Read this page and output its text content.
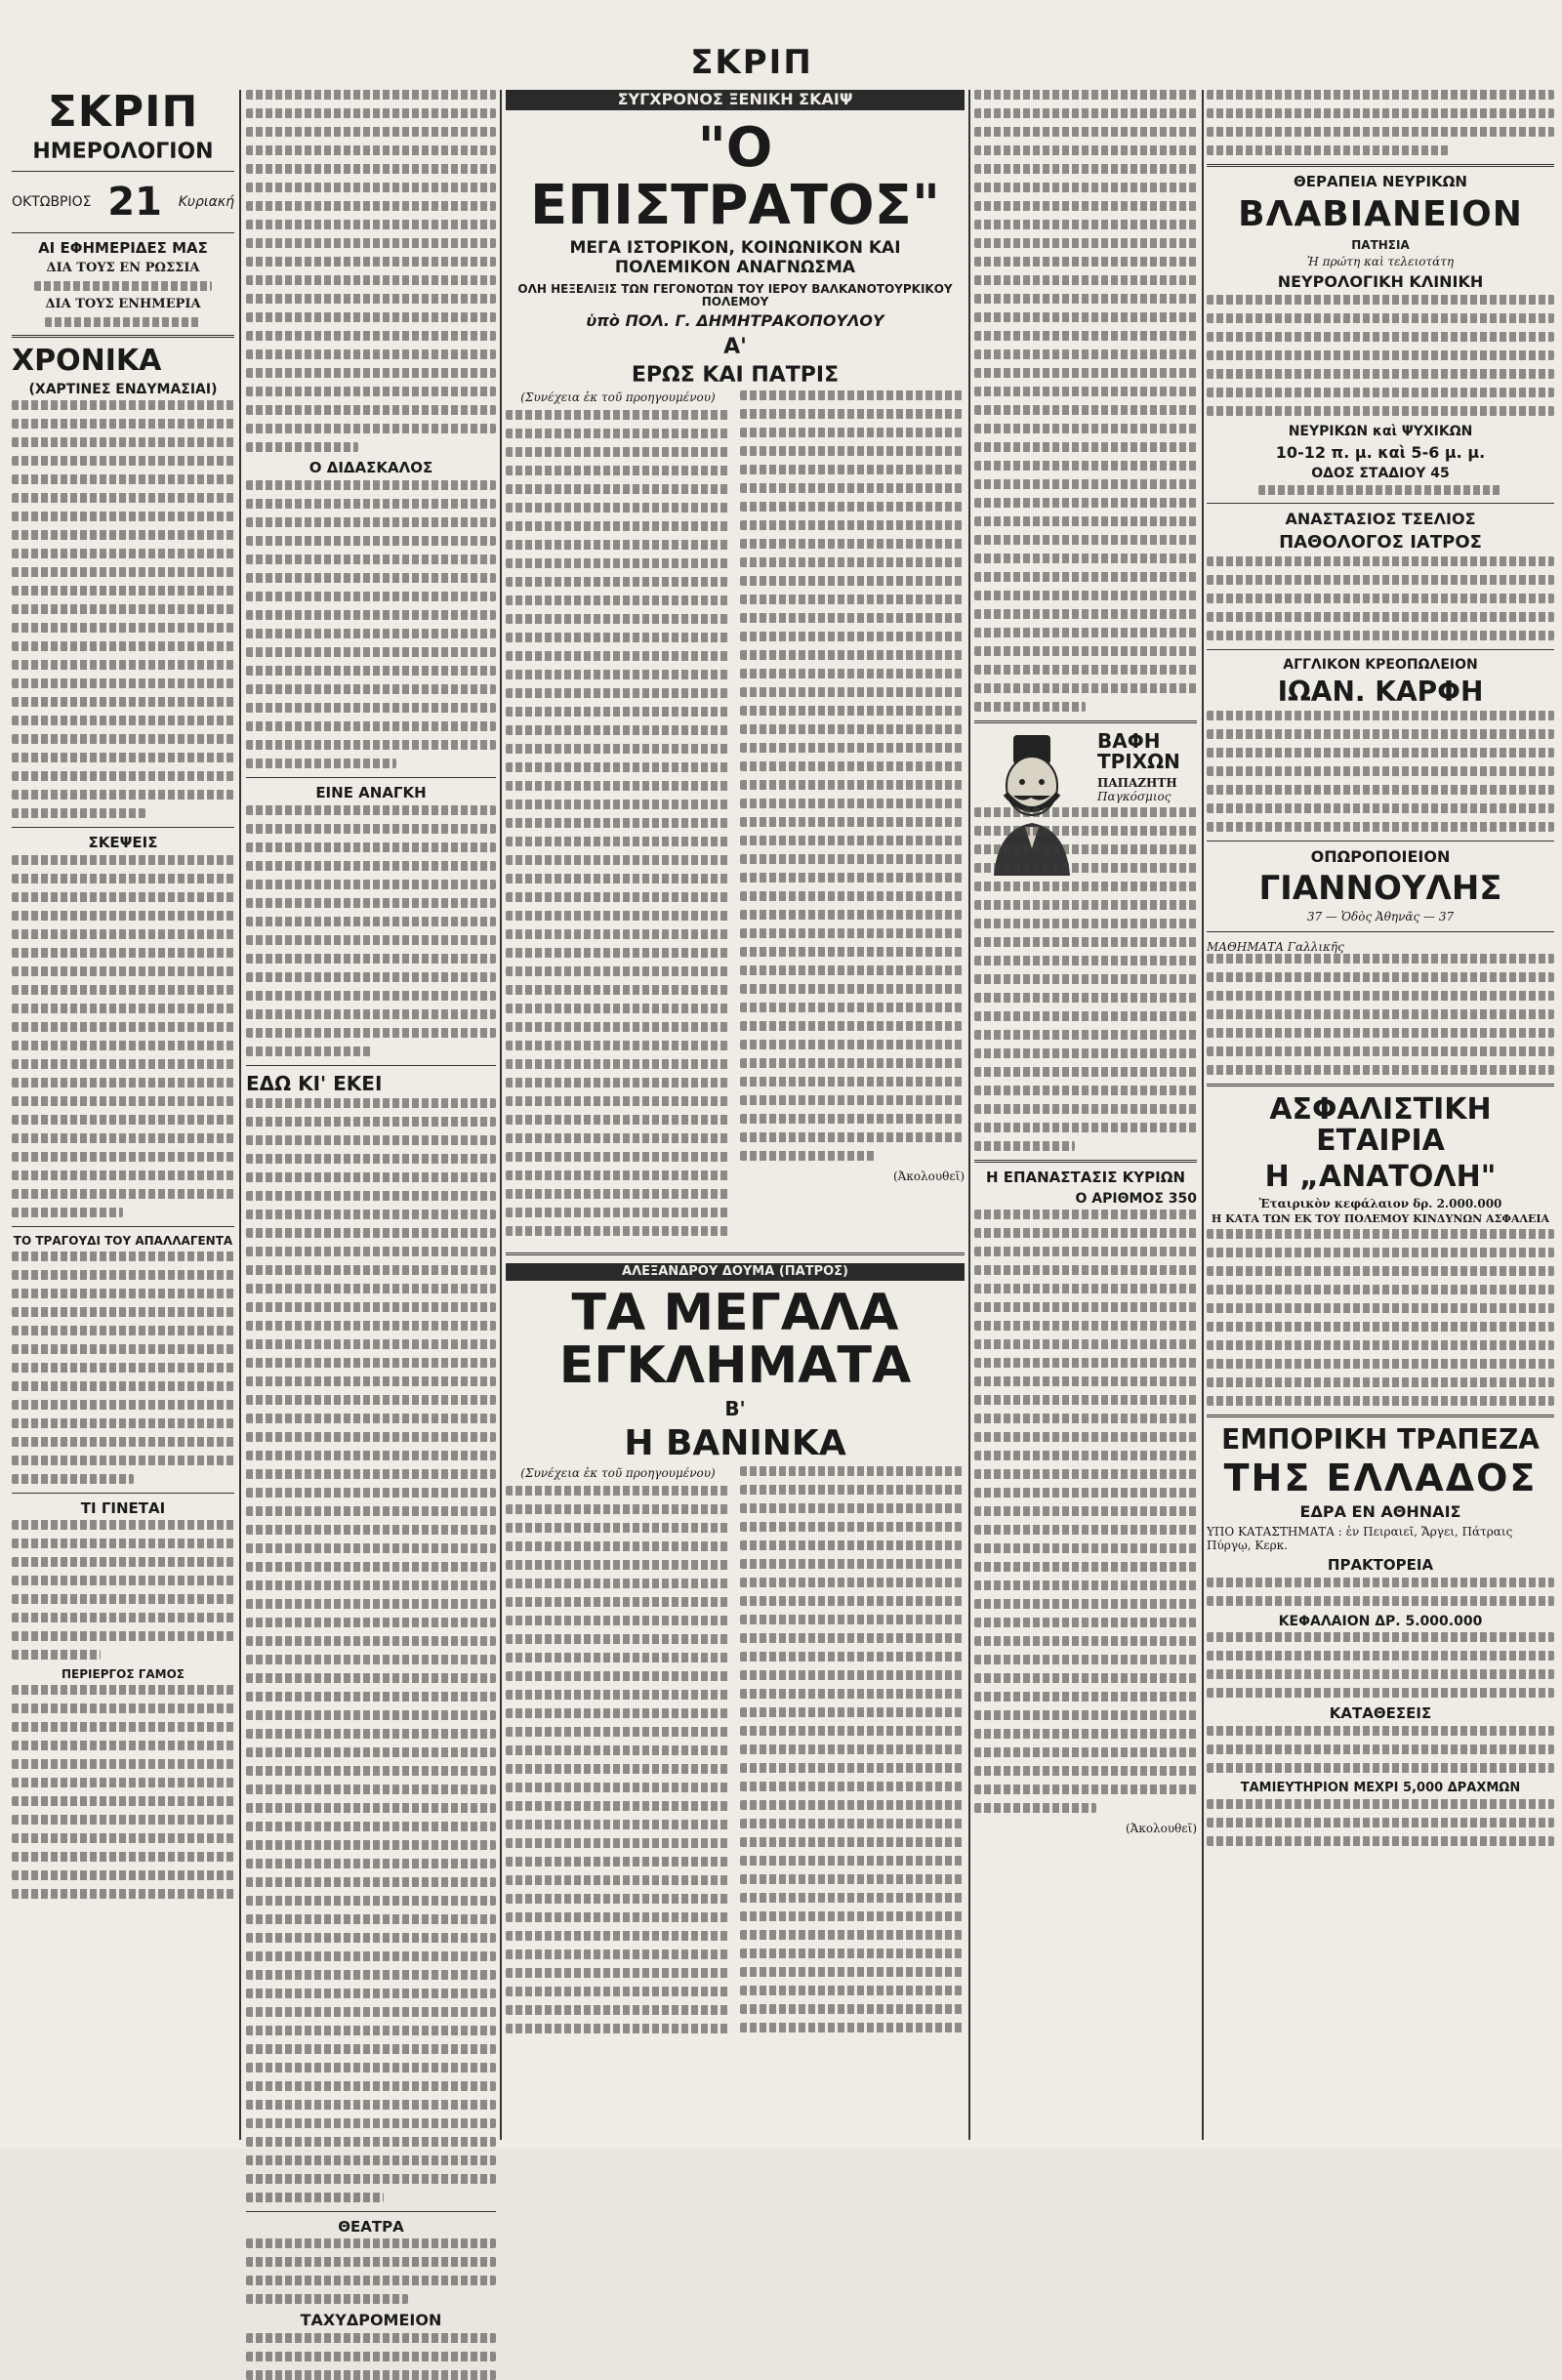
ΣΚΡΙΠ
ΣΚΡΙΠ
ΗΜΕΡΟΛΟΓΙΟΝ
ΟΚΤΩΒΡΙΟΣ 21 Κυριακή
ΑΙ ΕΦΗΜΕΡΙΔΕΣ ΜΑΣ
ΔΙΑ ΤΟΥΣ ΕΝ ΡΩΣΣΙΑ
ΔΙΑ ΤΟΥΣ ΕΝΗΜΕΡΙΑ
ΧΡΟΝΙΚΑ
(ΧΑΡΤΙΝΕΣ ΕΝΔΥΜΑΣΙΑΙ)
ΣΚΕΨΕΙΣ
ΤΟ ΤΡΑΓΟΥΔΙ ΤΟΥ ΑΠΑΛΛΑΓΕΝΤΑ
ΤΙ ΓΙΝΕΤΑΙ
ΠΕΡΙΕΡΓΟΣ ΓΑΜΟΣ
Ο ΔΙΔΑΣΚΑΛΟΣ
ΕΙΝΕ ΑΝΑΓΚΗ
ΕΔΩ ΚΙ' ΕΚΕΙ
ΘΕΑΤΡΑ
ΤΑΧΥΔΡΟΜΕΙΟΝ
ΣΥΓΧΡΟΝΟΣ ΞΕΝΙΚΗ ΣΚΑΙΨ
"Ο ΕΠΙΣΤΡΑΤΟΣ"
ΜΕΓΑ ΙΣΤΟΡΙΚΟΝ, ΚΟΙΝΩΝΙΚΟΝ ΚΑΙ
ΠΟΛΕΜΙΚΟΝ ΑΝΑΓΝΩΣΜΑ
ΟΛΗ ΗΕΞΕΛΙΞΙΣ ΤΩΝ ΓΕΓΟΝΟΤΩΝ ΤΟΥ ΙΕΡΟΥ ΒΑΛΚΑΝΟΤΟΥΡΚΙΚΟΥ ΠΟΛΕΜΟΥ
ὑπὸ ΠΟΛ. Γ. ΔΗΜΗΤΡΑΚΟΠΟΥΛΟΥ
Α'
ΕΡΩΣ ΚΑΙ ΠΑΤΡΙΣ
(Συνέχεια ἐκ τοῦ προηγουμένου)
(Ἀκολουθεῖ)
ΑΛΕΞΑΝΔΡΟΥ ΔΟΥΜΑ (ΠΑΤΡΟΣ)
ΤΑ ΜΕΓΑΛΑ
ΕΓΚΛΗΜΑΤΑ
Β'
Η ΒΑΝΙΝΚΑ
(Συνέχεια ἐκ τοῦ προηγουμένου)
ΒΑΦΗ ΤΡΙΧΩΝ
ΠΑΠΑΖΗΤΗ
Παγκόσμιος
Η ΕΠΑΝΑΣΤΑΣΙΣ ΚΥΡΙΩΝ
Ο ΑΡΙΘΜΟΣ 350
(Ἀκολουθεῖ)
ΘΕΡΑΠΕΙΑ ΝΕΥΡΙΚΩΝ
ΒΛΑΒΙΑΝΕΙΟΝ
ΠΑΤΗΣΙΑ
Ἡ πρώτη καὶ τελειοτάτη
ΝΕΥΡΟΛΟΓΙΚΗ ΚΛΙΝΙΚΗ
ΝΕΥΡΙΚΩΝ καὶ ΨΥΧΙΚΩΝ
10-12 π. μ. καὶ 5-6 μ. μ.
ΟΔΟΣ ΣΤΑΔΙΟΥ 45
ΑΝΑΣΤΑΣΙΟΣ ΤΣΕΛΙΟΣ
ΠΑΘΟΛΟΓΟΣ ΙΑΤΡΟΣ
ΑΓΓΛΙΚΟΝ ΚΡΕΟΠΩΛΕΙΟΝ
ΙΩΑΝ. ΚΑΡΦΗ
ΟΠΩΡΟΠΟΙΕΙΟΝ
ΓΙΑΝΝΟΥΛΗΣ
37 — Ὁδὸς Ἀθηνᾶς — 37
ΜΑΘΗΜΑΤΑ Γαλλικῆς
ΑΣΦΑΛΙΣΤΙΚΗ ΕΤΑΙΡΙΑ
Η „ΑΝΑΤΟΛΗ"
Ἑταιρικὸν κεφάλαιον δρ. 2.000.000
Η ΚΑΤΑ ΤΩΝ ΕΚ ΤΟΥ ΠΟΛΕΜΟΥ ΚΙΝΔΥΝΩΝ ΑΣΦΑΛΕΙΑ
ΕΜΠΟΡΙΚΗ ΤΡΑΠΕΖΑ
ΤΗΣ ΕΛΛΑΔΟΣ
ΕΔΡΑ ΕΝ ΑΘΗΝΑΙΣ
ΥΠΟ ΚΑΤΑΣΤΗΜΑΤΑ : ἐν Πειραιεῖ, Ἄργει, Πάτραις Πύργῳ, Κερκ.
ΠΡΑΚΤΟΡΕΙΑ
ΚΕΦΑΛΑΙΟΝ ΔΡ. 5.000.000
ΚΑΤΑΘΕΣΕΙΣ
ΤΑΜΙΕΥΤΗΡΙΟΝ ΜΕΧΡΙ 5,000 ΔΡΑΧΜΩΝ
